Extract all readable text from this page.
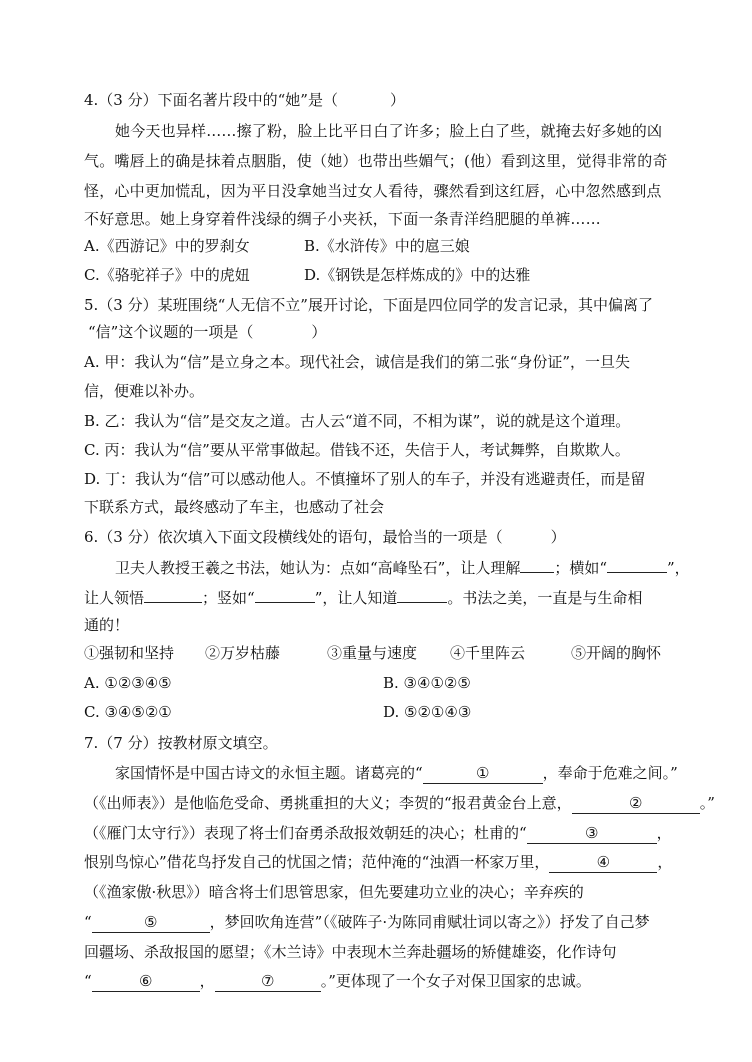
4.（3 分）下面名著片段中的“她”是（	）
她今天也异样……擦了粉，脸上比平日白了许多；脸上白了些，就掩去好多她的凶
气。嘴唇上的确是抹着点胭脂，使（她）也带出些媚气；(他）看到这里，觉得非常的奇
怪，心中更加慌乱，因为平日没拿她当过女人看待，骤然看到这红唇，心中忽然感到点
不好意思。她上身穿着件浅绿的绸子小夹袄，下面一条青洋绉肥腿的单裤……
A.《西游记》中的罗刹女	B.《水浒传》中的扈三娘
C.《骆驼祥子》中的虎妞	D.《钢铁是怎样炼成的》中的达雅
5.（3 分）某班围绕“人无信不立”展开讨论，下面是四位同学的发言记录，其中偏离了
“信”这个议题的一项是（	）
A. 甲：我认为“信”是立身之本。现代社会，诚信是我们的第二张“身份证”，一旦失
信，便难以补办。
B. 乙：我认为“信”是交友之道。古人云“道不同，不相为谋”，说的就是这个道理。
C. 丙：我认为“信”要从平常事做起。借钱不还，失信于人，考试舞弊，自欺欺人。
D. 丁：我认为“信”可以感动他人。不慎撞坏了别人的车子，并没有逃避责任，而是留
下联系方式，最终感动了车主，也感动了社会
6.（3 分）依次填入下面文段横线处的语句，最恰当的一项是（	）
卫夫人教授王羲之书法，她认为：点如“高峰坠石”，让人理解 ；横如“	”，
让人领悟	；竖如“	”，让人知道	。书法之美，一直是与生命相
通的！
①强韧和坚持 ②万岁枯藤	③重量与速度 ④千里阵云	⑤开阔的胸怀
A. ①②③④⑤	B. ③④①②⑤
C. ③④⑤②①	D. ⑤②①④③
7.（7 分）按教材原文填空。
家国情怀是中国古诗文的永恒主题。诸葛亮的“	①	，奉命于危难之间。”
（《出师表》）是他临危受命、勇挑重担的大义；李贺的“报君黄金台上意，	②	。”
（《雁门太守行》）表现了将士们奋勇杀敌报效朝廷的决心；杜甫的“	③	，
恨别鸟惊心”借花鸟抒发自己的忧国之情；范仲淹的“浊酒一杯家万里，	④	，
（《渔家傲·秋思》）暗含将士们思管思家，但先要建功立业的决心；辛弃疾的
“	⑤	，梦回吹角连营”（《破阵子·为陈同甫赋壮词以寄之》）抒发了自己梦
回疆场、杀敌报国的愿望；《木兰诗》中表现木兰奔赴疆场的矫健雄姿，化作诗句
“	⑥	，	⑦	。”更体现了一个女子对保卫国家的忠诚。
